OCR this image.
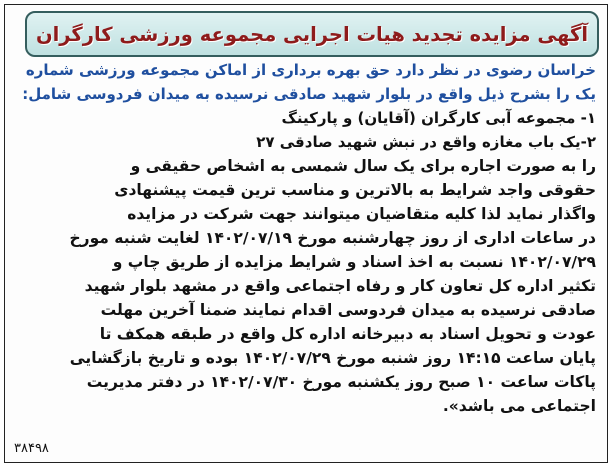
آگهی مزایده تجدید هیات اجرایی مجموعه ورزشی کارگران
خراسان رضوی در نظر دارد حق بهره برداری از اماکن مجموعه ورزشی شماره
یک را بشرح ذیل واقع در بلوار شهید صادقی نرسیده به میدان فردوسی شامل:
۱- مجموعه آبی کارگران (آقایان) و پارکینگ
۲-یک باب مغازه واقع در نبش شهید صادقی ۲۷
را به صورت اجاره برای یک سال شمسی به اشخاص حقیقی و
حقوقی واجد شرایط به بالاترین و مناسب ترین قیمت پیشنهادی
واگذار نماید لذا کلیه متقاضیان میتوانند جهت شرکت در مزایده
در ساعات اداری از روز چهارشنبه مورخ ۱۴۰۲/۰۷/۱۹ لغایت شنبه مورخ
۱۴۰۲/۰۷/۲۹ نسبت به اخذ اسناد و شرایط مزایده از طریق چاپ و
تکثیر اداره کل تعاون کار و رفاه اجتماعی واقع در مشهد بلوار شهید
صادقی نرسیده به میدان فردوسی اقدام نمایند ضمنا آخرین مهلت
عودت و تحویل اسناد به دبیرخانه اداره کل واقع در طبقه همکف تا
پایان ساعت ۱۴:۱۵ روز شنبه مورخ ۱۴۰۲/۰۷/۲۹ بوده و تاریخ بازگشایی
پاکات ساعت ۱۰ صبح روز یکشنبه مورخ ۱۴۰۲/۰۷/۳۰ در دفتر مدیریت
اجتماعی می باشد».
۳۸۴۹۸
